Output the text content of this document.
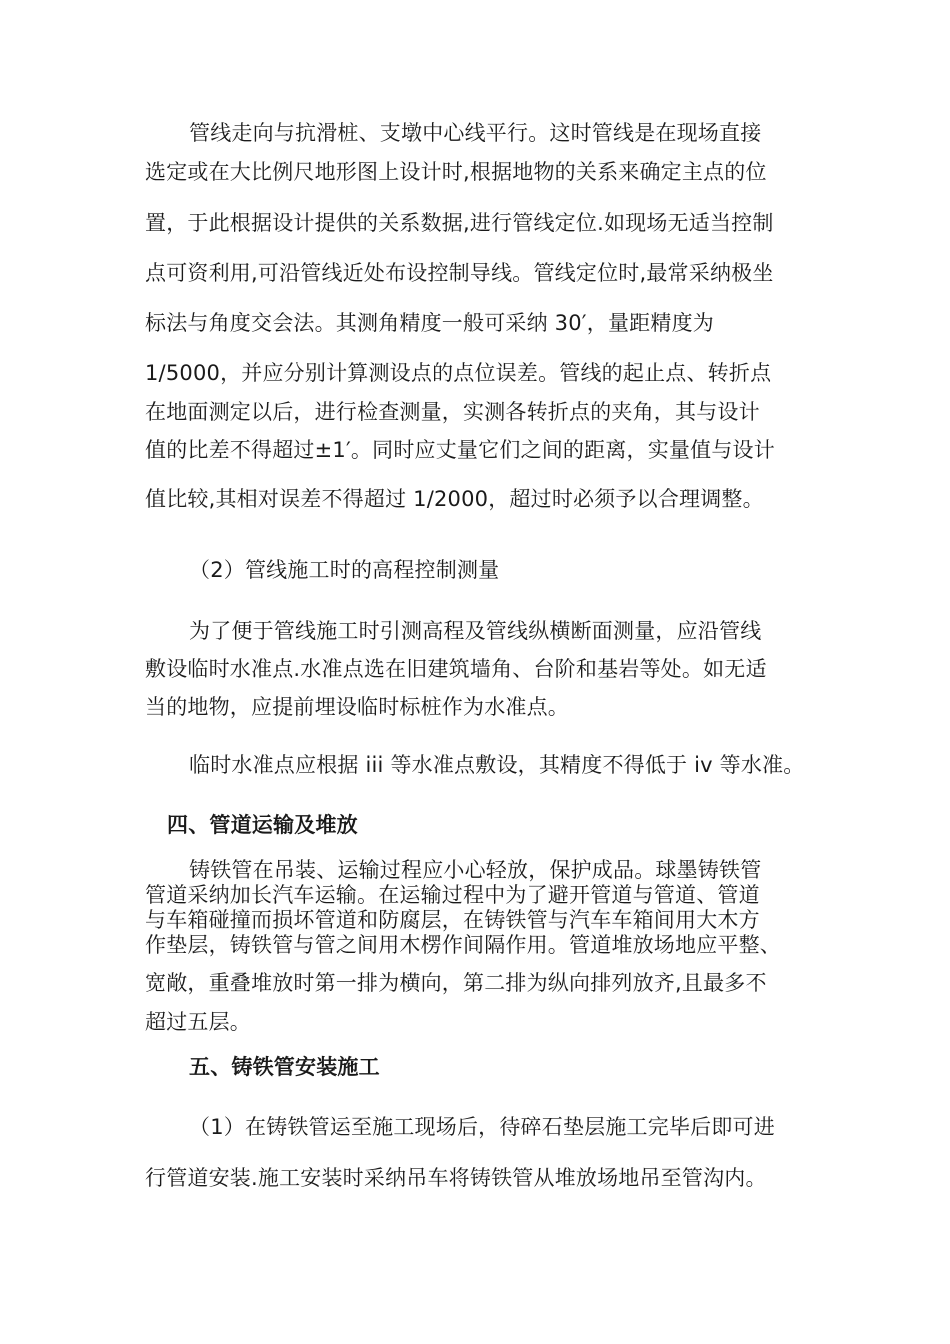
管线走向与抗滑桩、支墩中心线平行。这时管线是在现场直接
选定或在大比例尺地形图上设计时,根据地物的关系来确定主点的位
置，于此根据设计提供的关系数据,进行管线定位.如现场无适当控制
点可资利用,可沿管线近处布设控制导线。管线定位时,最常采纳极坐
标法与角度交会法。其测角精度一般可采纳 30′，量距精度为
1/5000，并应分别计算测设点的点位误差。管线的起止点、转折点
在地面测定以后，进行检查测量，实测各转折点的夹角，其与设计
值的比差不得超过±1′。同时应丈量它们之间的距离，实量值与设计
值比较,其相对误差不得超过 1/2000，超过时必须予以合理调整。
（2）管线施工时的高程控制测量
为了便于管线施工时引测高程及管线纵横断面测量，应沿管线
敷设临时水准点.水准点选在旧建筑墙角、台阶和基岩等处。如无适
当的地物，应提前埋设临时标桩作为水准点。
临时水准点应根据 iii 等水准点敷设，其精度不得低于 iv 等水准。
四、管道运输及堆放
铸铁管在吊装、运输过程应小心轻放，保护成品。球墨铸铁管
管道采纳加长汽车运输。在运输过程中为了避开管道与管道、管道
与车箱碰撞而损坏管道和防腐层，在铸铁管与汽车车箱间用大木方
作垫层，铸铁管与管之间用木楞作间隔作用。管道堆放场地应平整、
宽敞，重叠堆放时第一排为横向，第二排为纵向排列放齐,且最多不
超过五层。
五、铸铁管安装施工
（1）在铸铁管运至施工现场后，待碎石垫层施工完毕后即可进
行管道安装.施工安装时采纳吊车将铸铁管从堆放场地吊至管沟内。
